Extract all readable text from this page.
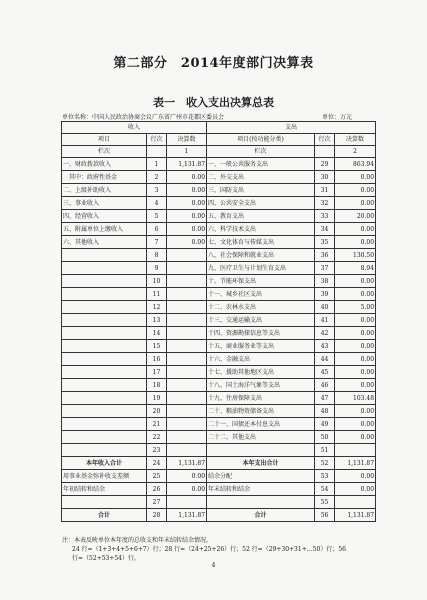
第二部分　2014年度部门决算表
表一　收入支出决算总表
单位名称：中国人民政治协商会议广东省广州市花都区委员会	单位：万元
收入			支出		
项目	行次	决算数	项目(按功能分类)	行次	决算数
栏次		1	栏次		2
一、财政拨款收入	1	1,131.87	一、一般公共服务支出	29	863.94
　其中：政府性基金	2	0.00	二、外交支出	30	0.00
二、上级补助收入	3	0.00	三、国防支出	31	0.00
三、事业收入	4	0.00	四、公共安全支出	32	0.00
四、经营收入	5	0.00	五、教育支出	33	20.00
五、附属单位上缴收入	6	0.00	六、科学技术支出	34	0.00
六、其他收入	7	0.00	七、文化体育与传媒支出	35	0.00
	8		八、社会保障和就业支出	36	130.50
	9		九、医疗卫生与计划生育支出	37	8.94
	10		十、节能环保支出	38	0.00
	11		十一、城乡社区支出	39	0.00
	12		十二、农林水支出	40	5.00
	13		十三、交通运输支出	41	0.00
	14		十四、资源勘探信息等支出	42	0.00
	15		十五、商业服务业等支出	43	0.00
	16		十六、金融支出	44	0.00
	17		十七、援助其他地区支出	45	0.00
	18		十八、国土海洋气象等支出	46	0.00
	19		十九、住房保障支出	47	103.48
	20		二十、粮油物资储备支出	48	0.00
	21		二十一、国债还本付息支出	49	0.00
	22		二十二、其他支出	50	0.00
	23			51	
本年收入合计	24	1,131.87	本年支出合计	52	1,131.87
用事业基金弥补收支差额	25	0.00	结余分配	53	0.00
年初结转和结余	26	0.00	年末结转和结余	54	0.00
	27			55	
合计	28	1,131.87	合计	56	1,131.87
注：本表反映单位本年度的总收支和年末结转结余情况。
24 行=（1+3+4+5+6+7）行；28 行=（24+25+26）行；52 行=（29+30+31+…50）行；56
行=（52+53+54）行。
4
